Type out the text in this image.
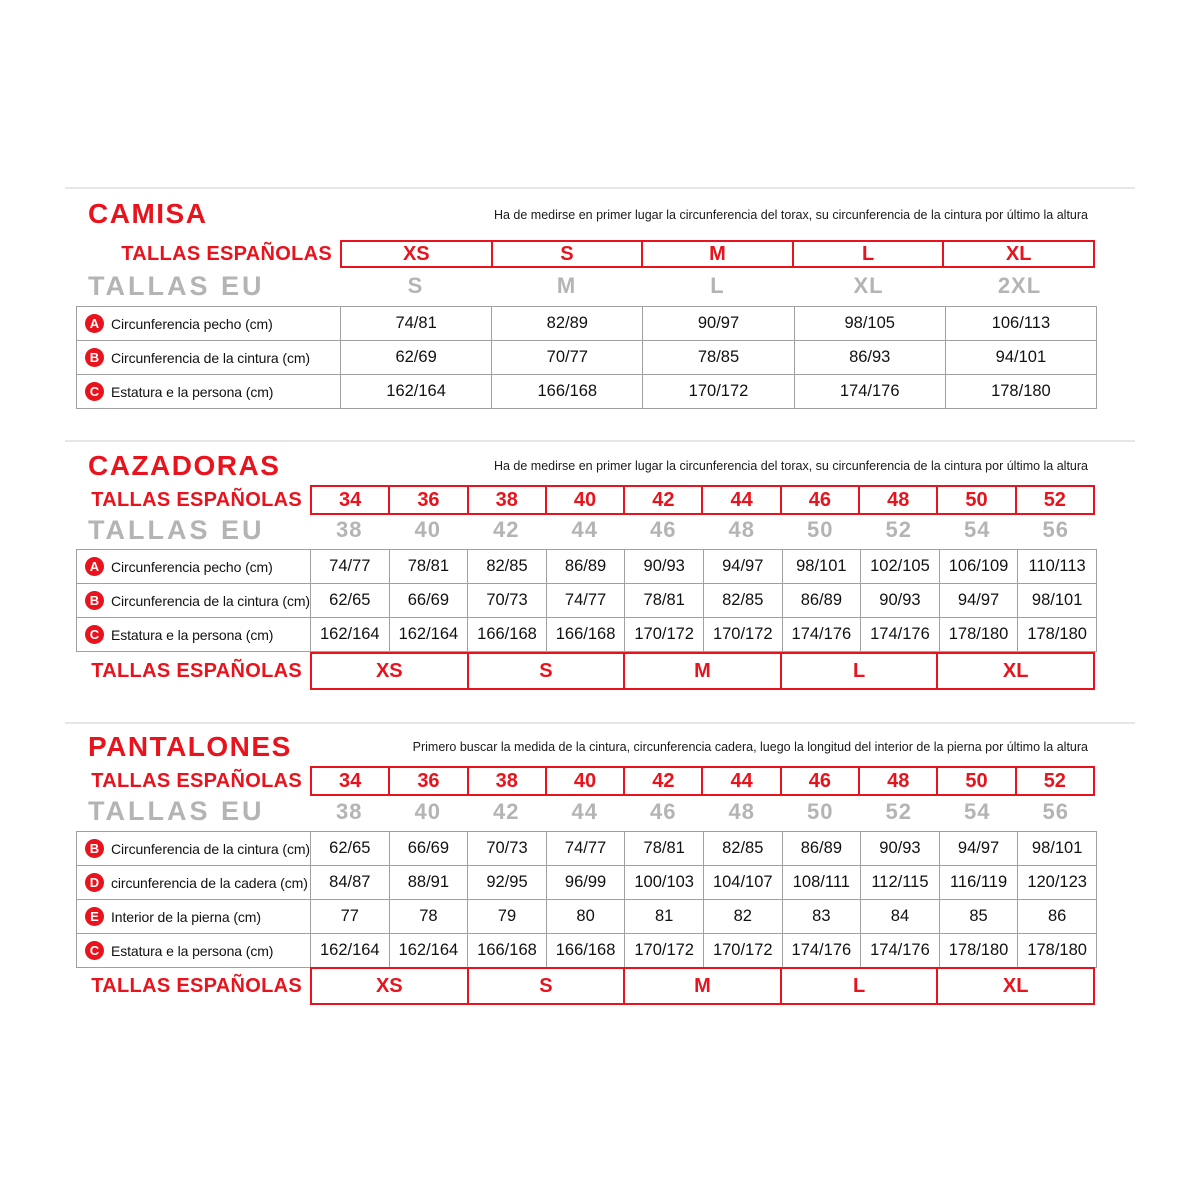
CAMISA	Ha de medirse en primer lugar la circunferencia del torax, su circunferencia de la cintura por último la altura
TALLAS ESPAÑOLAS	XS	S	M	L	XL
TALLAS EU	S	M	L	XL	2XL
A Circunferencia pecho (cm)	74/81	82/89	90/97	98/105	106/113
B Circunferencia de la cintura (cm)	62/69	70/77	78/85	86/93	94/101
C Estatura e la persona (cm)	162/164	166/168	170/172	174/176	178/180
CAZADORAS	Ha de medirse en primer lugar la circunferencia del torax, su circunferencia de la cintura por último la altura
TALLAS ESPAÑOLAS	34	36	38	40	42	44	46	48	50	52
TALLAS EU	38	40	42	44	46	48	50	52	54	56
A Circunferencia pecho (cm)	74/77	78/81	82/85	86/89	90/93	94/97	98/101	102/105	106/109	110/113
B Circunferencia de la cintura (cm)	62/65	66/69	70/73	74/77	78/81	82/85	86/89	90/93	94/97	98/101
C Estatura e la persona (cm)	162/164	162/164	166/168	166/168	170/172	170/172	174/176	174/176	178/180	178/180
TALLAS ESPAÑOLAS	XS	S	M	L	XL
PANTALONES	Primero buscar la medida de la cintura, circunferencia cadera, luego la longitud del interior de la pierna por último la altura
TALLAS ESPAÑOLAS	34	36	38	40	42	44	46	48	50	52
TALLAS EU	38	40	42	44	46	48	50	52	54	56
B Circunferencia de la cintura (cm)	62/65	66/69	70/73	74/77	78/81	82/85	86/89	90/93	94/97	98/101
D circunferencia de la cadera (cm)	84/87	88/91	92/95	96/99	100/103	104/107	108/111	112/115	116/119	120/123
E Interior de la pierna (cm)	77	78	79	80	81	82	83	84	85	86
C Estatura e la persona (cm)	162/164	162/164	166/168	166/168	170/172	170/172	174/176	174/176	178/180	178/180
TALLAS ESPAÑOLAS	XS	S	M	L	XL
